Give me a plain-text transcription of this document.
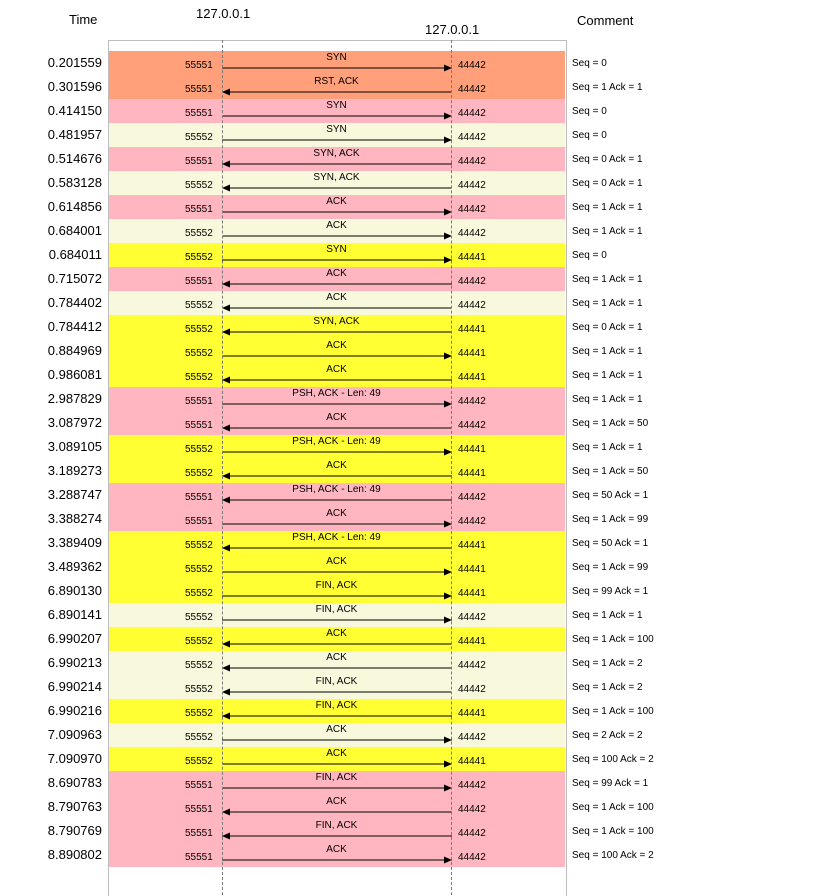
Time	127.0.0.1
127.0.0.1
Comment
0.201559	55551	44442
SYN
Seq = 0
0.301596	55551	44442
RST, ACK
Seq = 1 Ack = 1
0.414150	55551	44442
SYN
Seq = 0
0.481957	55552	44442
SYN
Seq = 0
0.514676	55551	44442
SYN, ACK
Seq = 0 Ack = 1
0.583128	55552	44442
SYN, ACK
Seq = 0 Ack = 1
0.614856	55551	44442
ACK
Seq = 1 Ack = 1
0.684001	55552	44442
ACK
Seq = 1 Ack = 1
0.684011	55552	44441
SYN
Seq = 0
0.715072	55551	44442
ACK
Seq = 1 Ack = 1
0.784402	55552	44442
ACK
Seq = 1 Ack = 1
0.784412	55552	44441
SYN, ACK
Seq = 0 Ack = 1
0.884969	55552	44441
ACK
Seq = 1 Ack = 1
0.986081	55552	44441
ACK
Seq = 1 Ack = 1
2.987829	55551	44442
PSH, ACK - Len: 49
Seq = 1 Ack = 1
3.087972	55551	44442
ACK
Seq = 1 Ack = 50
3.089105	55552	44441
PSH, ACK - Len: 49
Seq = 1 Ack = 1
3.189273	55552	44441
ACK
Seq = 1 Ack = 50
3.288747	55551	44442
PSH, ACK - Len: 49
Seq = 50 Ack = 1
3.388274	55551	44442
ACK
Seq = 1 Ack = 99
3.389409	55552	44441
PSH, ACK - Len: 49
Seq = 50 Ack = 1
3.489362	55552	44441
ACK
Seq = 1 Ack = 99
6.890130	55552	44441
FIN, ACK
Seq = 99 Ack = 1
6.890141	55552	44442
FIN, ACK
Seq = 1 Ack = 1
6.990207	55552	44441
ACK
Seq = 1 Ack = 100
6.990213	55552	44442
ACK
Seq = 1 Ack = 2
6.990214	55552	44442
FIN, ACK
Seq = 1 Ack = 2
6.990216	55552	44441
FIN, ACK
Seq = 1 Ack = 100
7.090963	55552	44442
ACK
Seq = 2 Ack = 2
7.090970	55552	44441
ACK
Seq = 100 Ack = 2
8.690783	55551	44442
FIN, ACK
Seq = 99 Ack = 1
8.790763	55551	44442
ACK
Seq = 1 Ack = 100
8.790769	55551	44442
FIN, ACK
Seq = 1 Ack = 100
8.890802	55551	44442
ACK
Seq = 100 Ack = 2
